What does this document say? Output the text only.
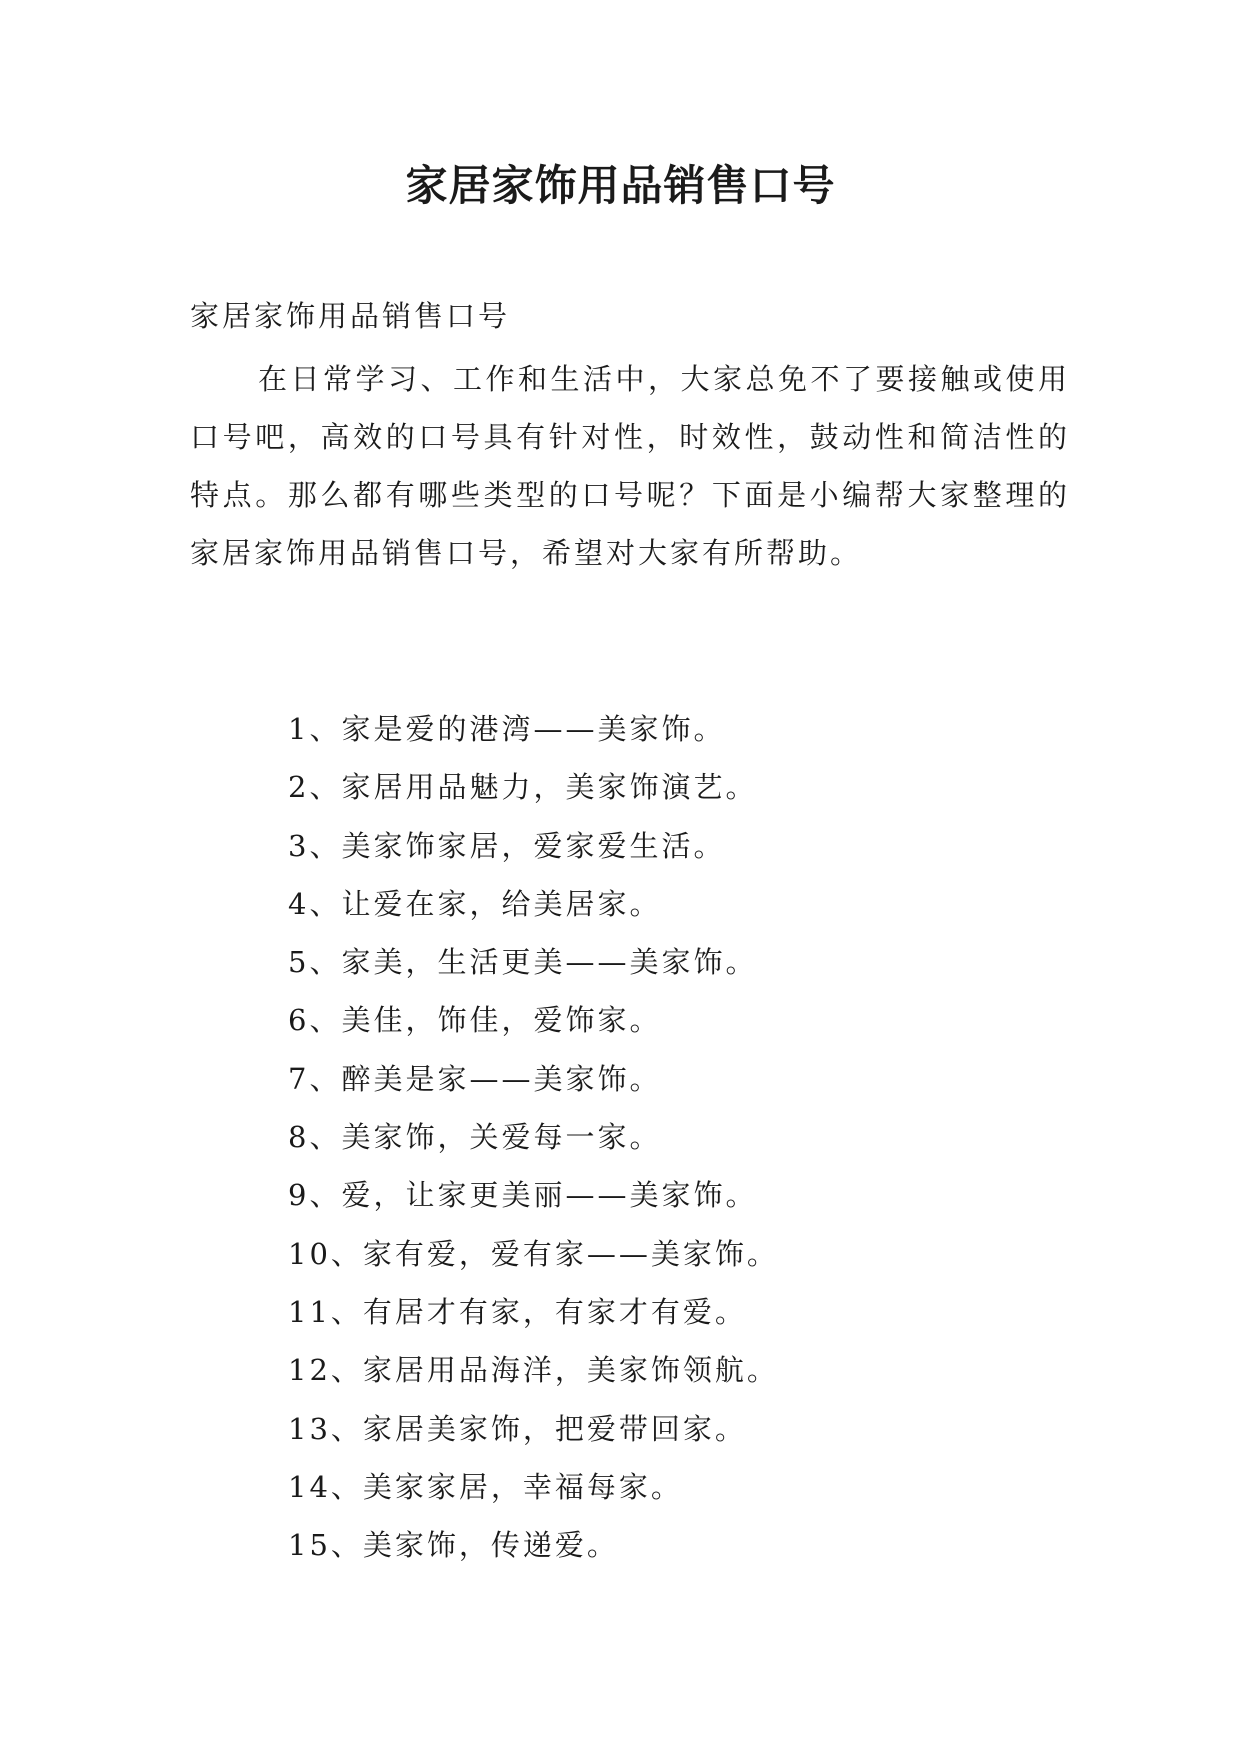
家居家饰用品销售口号

家居家饰用品销售口号

在日常学习、工作和生活中，大家总免不了要接触或使用口号吧，高效的口号具有针对性，时效性，鼓动性和简洁性的特点。那么都有哪些类型的口号呢？下面是小编帮大家整理的家居家饰用品销售口号，希望对大家有所帮助。

1、家是爱的港湾——美家饰。
2、家居用品魅力，美家饰演艺。
3、美家饰家居，爱家爱生活。
4、让爱在家，给美居家。
5、家美，生活更美——美家饰。
6、美佳，饰佳，爱饰家。
7、醉美是家——美家饰。
8、美家饰，关爱每一家。
9、爱，让家更美丽——美家饰。
10、家有爱，爱有家——美家饰。
11、有居才有家，有家才有爱。
12、家居用品海洋，美家饰领航。
13、家居美家饰，把爱带回家。
14、美家家居，幸福每家。
15、美家饰，传递爱。
